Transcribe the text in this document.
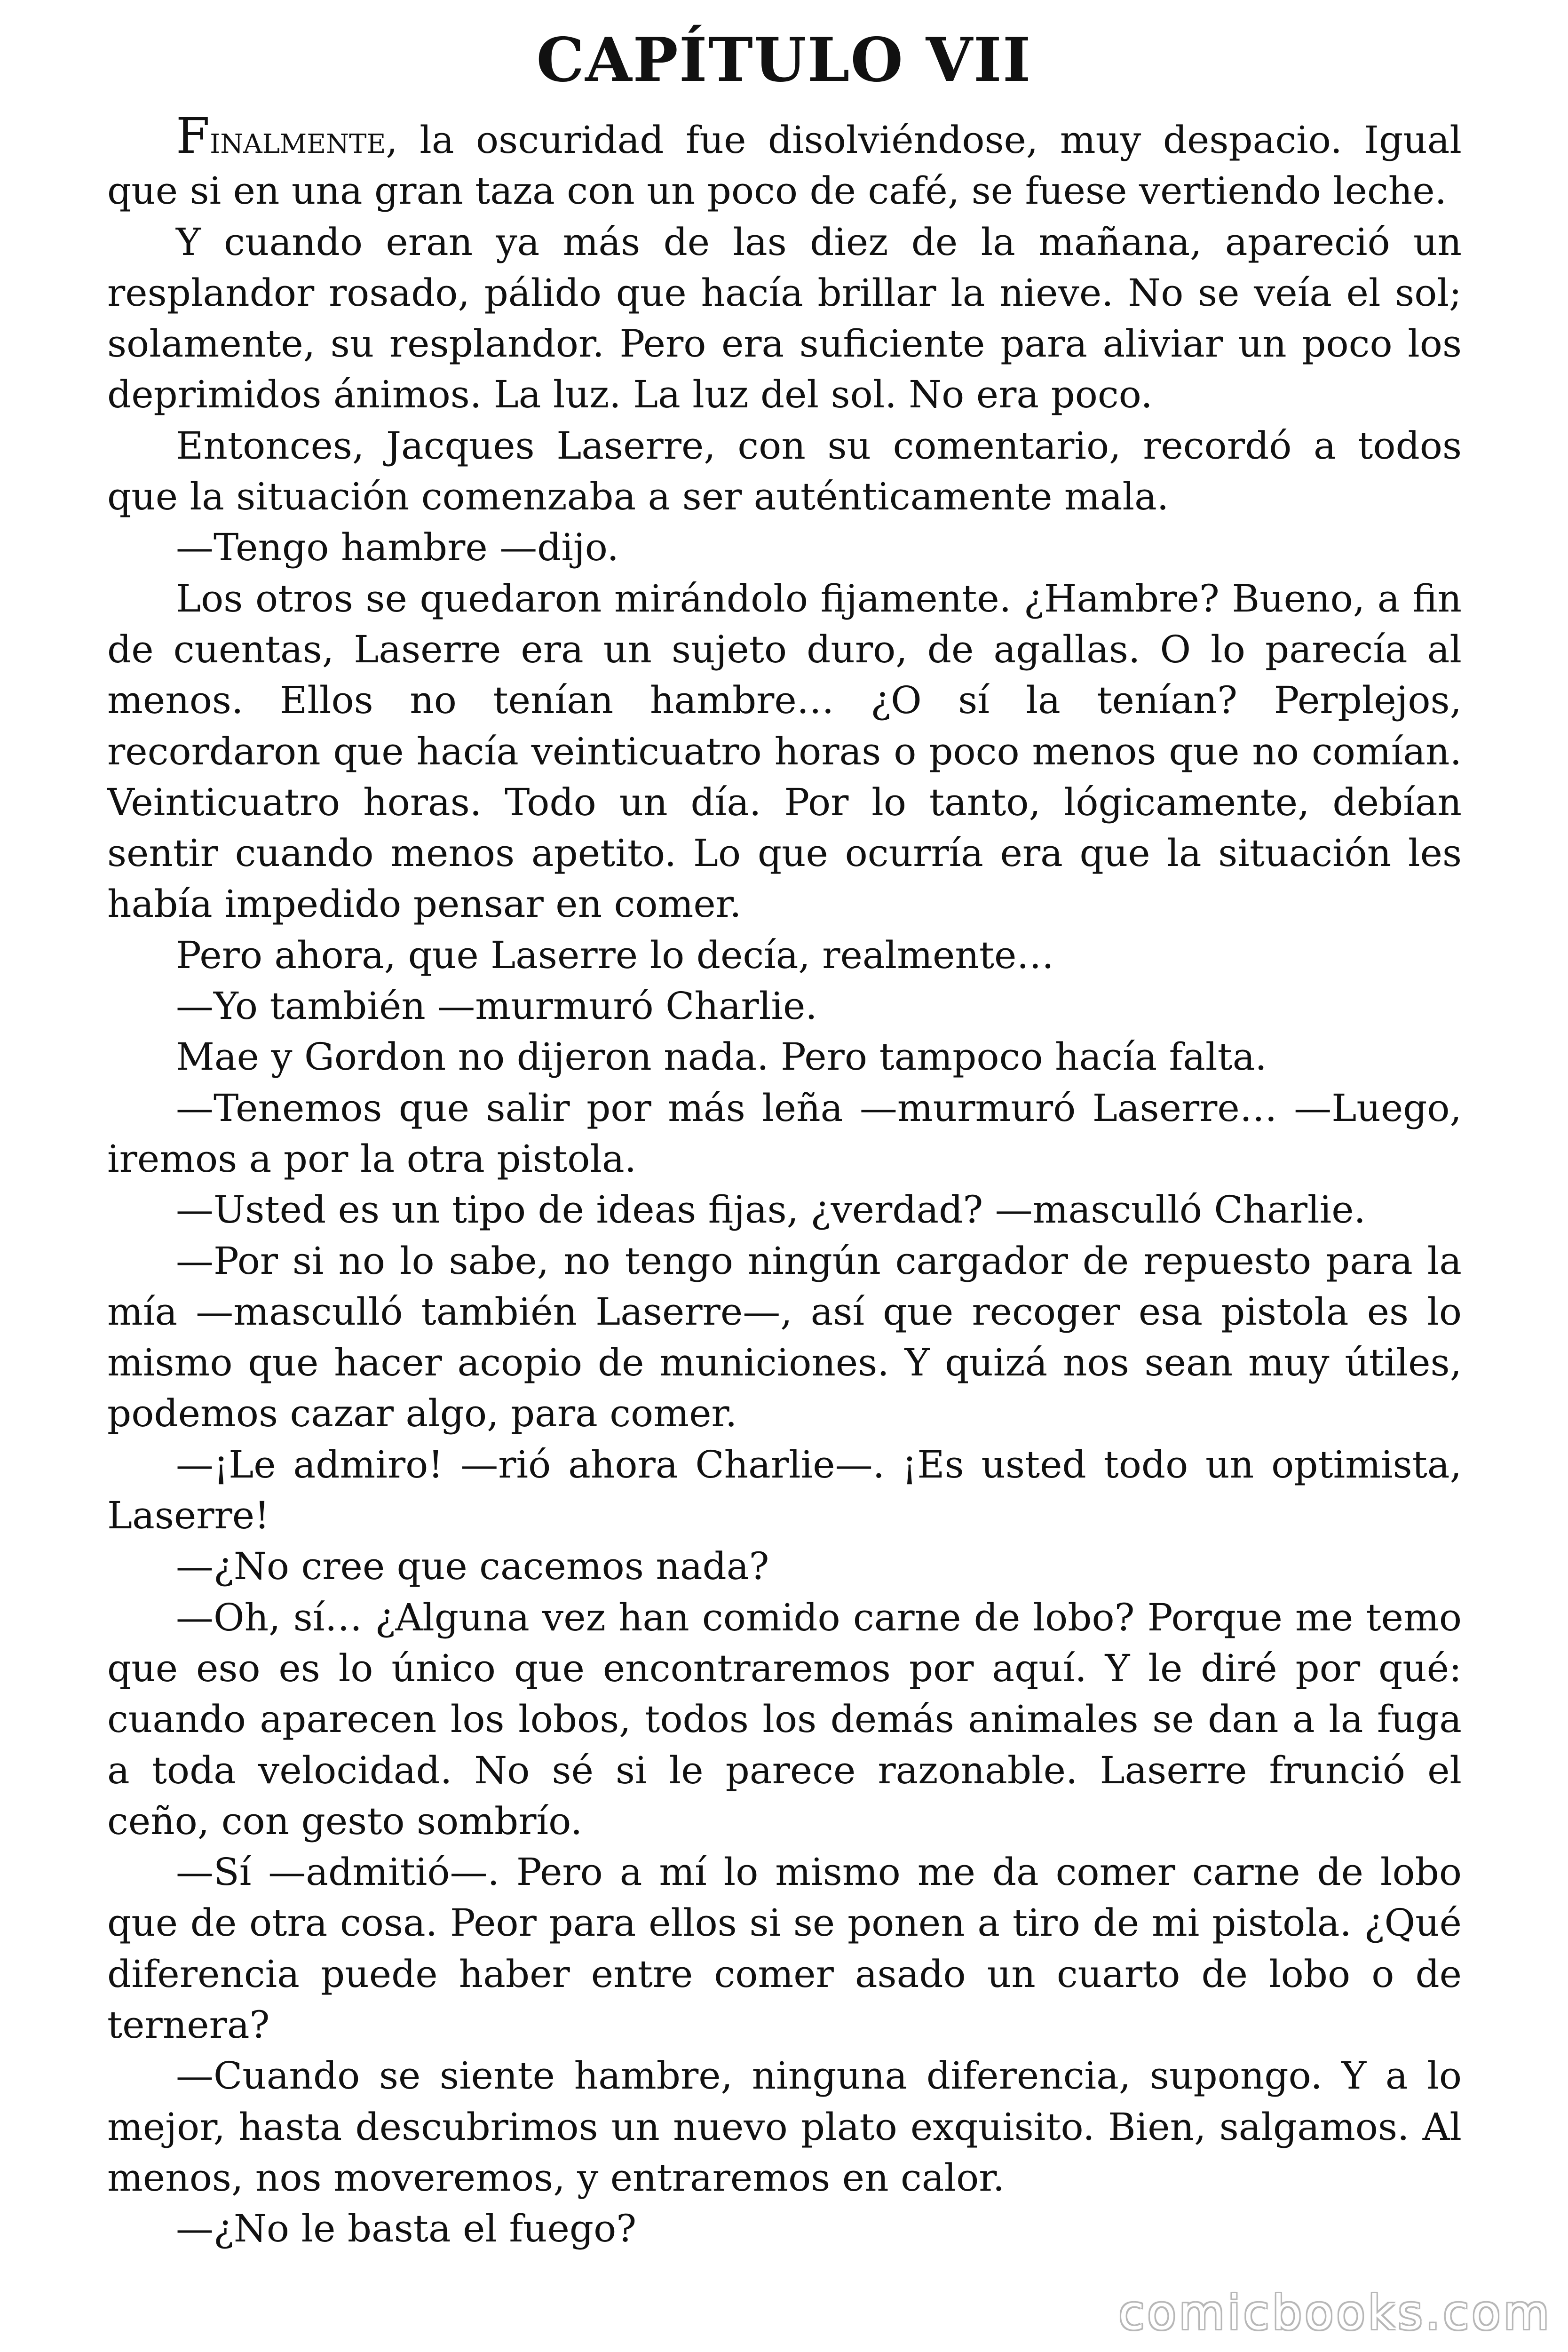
CAPÍTULO VII

Finalmente, la oscuridad fue disolviéndose, muy despacio. Igual que si en una gran taza con un poco de café, se fuese vertiendo leche.

Y cuando eran ya más de las diez de la mañana, apareció un resplandor rosado, pálido que hacía brillar la nieve. No se veía el sol; solamente, su resplandor. Pero era suficiente para aliviar un poco los deprimidos ánimos. La luz. La luz del sol. No era poco.

Entonces, Jacques Laserre, con su comentario, recordó a todos que la situación comenzaba a ser auténticamente mala.

—Tengo hambre —dijo.

Los otros se quedaron mirándolo fijamente. ¿Hambre? Bueno, a fin de cuentas, Laserre era un sujeto duro, de agallas. O lo parecía al menos. Ellos no tenían hambre… ¿O sí la tenían? Perplejos, recordaron que hacía veinticuatro horas o poco menos que no comían. Veinticuatro horas. Todo un día. Por lo tanto, lógicamente, debían sentir cuando menos apetito. Lo que ocurría era que la situación les había impedido pensar en comer.

Pero ahora, que Laserre lo decía, realmente…

—Yo también —murmuró Charlie.

Mae y Gordon no dijeron nada. Pero tampoco hacía falta.

—Tenemos que salir por más leña —murmuró Laserre… —Luego, iremos a por la otra pistola.

—Usted es un tipo de ideas fijas, ¿verdad? —masculló Charlie.

—Por si no lo sabe, no tengo ningún cargador de repuesto para la mía —masculló también Laserre—, así que recoger esa pistola es lo mismo que hacer acopio de municiones. Y quizá nos sean muy útiles, podemos cazar algo, para comer.

—¡Le admiro! —rió ahora Charlie—. ¡Es usted todo un optimista, Laserre!

—¿No cree que cacemos nada?

—Oh, sí… ¿Alguna vez han comido carne de lobo? Porque me temo que eso es lo único que encontraremos por aquí. Y le diré por qué: cuando aparecen los lobos, todos los demás animales se dan a la fuga a toda velocidad. No sé si le parece razonable. Laserre frunció el ceño, con gesto sombrío.

—Sí —admitió—. Pero a mí lo mismo me da comer carne de lobo que de otra cosa. Peor para ellos si se ponen a tiro de mi pistola. ¿Qué diferencia puede haber entre comer asado un cuarto de lobo o de ternera?

—Cuando se siente hambre, ninguna diferencia, supongo. Y a lo mejor, hasta descubrimos un nuevo plato exquisito. Bien, salgamos. Al menos, nos moveremos, y entraremos en calor.

—¿No le basta el fuego?

comicbooks.com
